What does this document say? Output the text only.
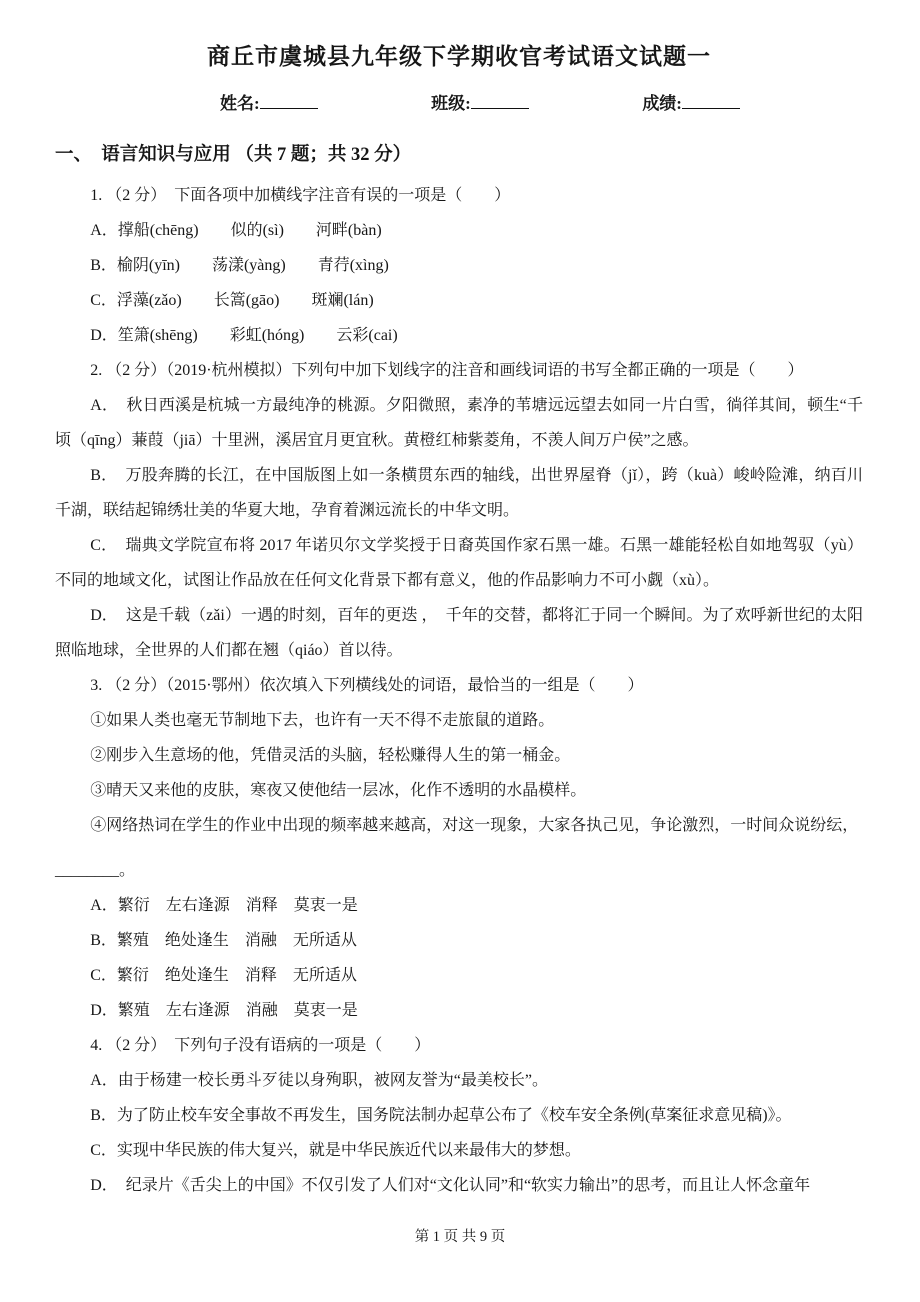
商丘市虞城县九年级下学期收官考试语文试题一
姓名:	班级:	成绩:
一、　语言知识与应用 （共 7 题；共 32 分）

1. （2 分）　下面各项中加横线字注音有误的一项是（　　）

A．撑船(chēng)　　似的(sì)　　河畔(bàn)

B．榆阴(yīn)　　荡漾(yàng)　　青荇(xìng)

C．浮藻(zǎo)　　长篙(gāo)　　斑斓(lán)

D．笙箫(shēng)　　彩虹(hóng)　　云彩(cai)

2. （2 分）（2019·杭州模拟）下列句中加下划线字的注音和画线词语的书写全都正确的一项是（　　）

A．　秋日西溪是杭城一方最纯净的桃源。夕阳微照，素净的苇塘远远望去如同一片白雪，徜徉其间，顿生“千顷（qīng）蒹葭（jiā）十里洲，溪居宜月更宜秋。黄橙红柿紫菱角，不羡人间万户侯”之感。

B．　万股奔腾的长江，在中国版图上如一条横贯东西的轴线，出世界屋脊（jǐ），跨（kuà）峻岭险滩，纳百川千湖，联结起锦绣壮美的华夏大地，孕育着渊远流长的中华文明。

C．　瑞典文学院宣布将 2017 年诺贝尔文学奖授于日裔英国作家石黑一雄。石黑一雄能轻松自如地驾驭（yù）不同的地域文化，试图让作品放在任何文化背景下都有意义，他的作品影响力不可小觑（xù）。

D．　这是千载（zǎi）一遇的时刻，百年的更迭 ，　千年的交替，都将汇于同一个瞬间。为了欢呼新世纪的太阳照临地球，全世界的人们都在翘（qiáo）首以待。

3. （2 分）（2015·鄂州）依次填入下列横线处的词语，最恰当的一组是（　　）

①如果人类也毫无节制地下去，也许有一天不得不走旅鼠的道路。

②刚步入生意场的他，凭借灵活的头脑，轻松赚得人生的第一桶金。

③晴天又来他的皮肤，寒夜又使他结一层冰，化作不透明的水晶模样。

④网络热词在学生的作业中出现的频率越来越高，对这一现象，大家各执己见，争论激烈，一时间众说纷纭，

________。

A．繁衍　左右逢源　消释　莫衷一是

B．繁殖　绝处逢生　消融　无所适从

C．繁衍　绝处逢生　消释　无所适从

D．繁殖　左右逢源　消融　莫衷一是

4. （2 分）　下列句子没有语病的一项是（　　）

A．由于杨建一校长勇斗歹徒以身殉职，被网友誉为“最美校长”。

B．为了防止校车安全事故不再发生，国务院法制办起草公布了《校车安全条例(草案征求意见稿)》。

C．实现中华民族的伟大复兴，就是中华民族近代以来最伟大的梦想。

D．　纪录片《舌尖上的中国》不仅引发了人们对“文化认同”和“软实力输出”的思考，而且让人怀念童年

第 1 页 共 9 页
